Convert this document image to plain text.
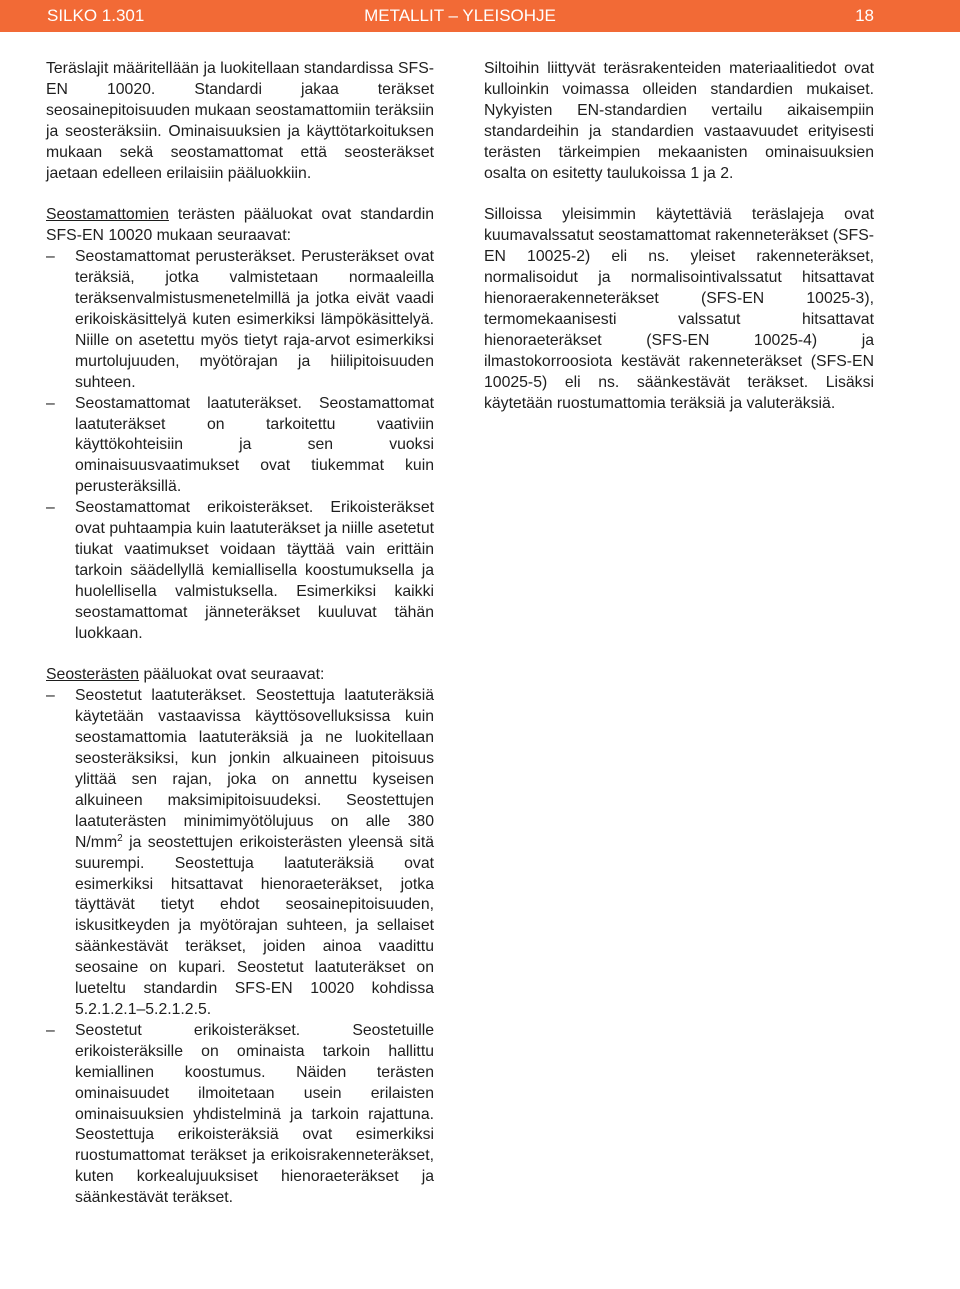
SILKO 1.301	METALLIT – YLEISOHJE	18

Teräslajit määritellään ja luokitellaan standardissa SFS-EN 10020. Standardi jakaa teräkset seosainepitoisuuden mukaan seostamattomiin teräksiin ja seosteräksiin. Ominaisuuksien ja käyttötarkoituksen mukaan sekä seostamattomat että seosteräkset jaetaan edelleen erilaisiin pääluokkiin.

Seostamattomien terästen pääluokat ovat standardin SFS-EN 10020 mukaan seuraavat:

– Seostamattomat perusteräkset. Perusteräkset ovat teräksiä, jotka valmistetaan normaaleilla teräksenvalmistusmenetelmillä ja jotka eivät vaadi erikoiskäsittelyä kuten esimerkiksi lämpökäsittelyä. Niille on asetettu myös tietyt raja-arvot esimerkiksi murtolujuuden, myötörajan ja hiilipitoisuuden suhteen.
– Seostamattomat laatuteräkset. Seostamattomat laatuteräkset on tarkoitettu vaativiin käyttökohteisiin ja sen vuoksi ominaisuusvaatimukset ovat tiukemmat kuin perusteräksillä.
– Seostamattomat erikoisteräkset. Erikoisteräkset ovat puhtaampia kuin laatuteräkset ja niille asetetut tiukat vaatimukset voidaan täyttää vain erittäin tarkoin säädellyllä kemiallisella koostumuksella ja huolellisella valmistuksella. Esimerkiksi kaikki seostamattomat jänneteräkset kuuluvat tähän luokkaan.

Seosterästen pääluokat ovat seuraavat:

– Seostetut laatuteräkset. Seostettuja laatuteräksiä käytetään vastaavissa käyttösovelluksissa kuin seostamattomia laatuteräksiä ja ne luokitellaan seosteräksiksi, kun jonkin alkuaineen pitoisuus ylittää sen rajan, joka on annettu kyseisen alkuineen maksimipitoisuudeksi. Seostettujen laatuterästen minimimyötölujuus on alle 380 $N/mm^2$ ja seostettujen erikoisterästen yleensä sitä suurempi. Seostettuja laatuteräksiä ovat esimerkiksi hitsattavat hienoraeteräkset, jotka täyttävät tietyt ehdot seosainepitoisuuden, iskusitkeyden ja myötörajan suhteen, ja sellaiset säänkestävät teräkset, joiden ainoa vaadittu seosaine on kupari. Seostetut laatuteräkset on lueteltu standardin SFS-EN 10020 kohdissa 5.2.1.2.1–5.2.1.2.5.
– Seostetut erikoisteräkset. Seostetuille erikoisteräksille on ominaista tarkoin hallittu kemiallinen koostumus. Näiden terästen ominaisuudet ilmoitetaan usein erilaisten ominaisuuksien yhdistelminä ja tarkoin rajattuna. Seostettuja erikoisteräksiä ovat esimerkiksi ruostumattomat teräkset ja erikoisrakenneteräkset, kuten korkealujuuksiset hienoraeteräkset ja säänkestävät teräkset.

Siltoihin liittyvät teräsrakenteiden materiaalitiedot ovat kulloinkin voimassa olleiden standardien mukaiset. Nykyisten EN-standardien vertailu aikaisempiin standardeihin ja standardien vastaavuudet erityisesti terästen tärkeimpien mekaanisten ominaisuuksien osalta on esitetty taulukoissa 1 ja 2.

Silloissa yleisimmin käytettäviä teräslajeja ovat kuumavalssatut seostamattomat rakenneteräkset (SFS-EN 10025-2) eli ns. yleiset rakenneteräkset, normalisoidut ja normalisointivalssatut hitsattavat hienoraerakenneteräkset (SFS-EN 10025-3), termomekaanisesti valssatut hitsattavat hienoraeteräkset (SFS-EN 10025-4) ja ilmastokorroosiota kestävät rakenneteräkset (SFS-EN 10025-5) eli ns. säänkestävät teräkset. Lisäksi käytetään ruostumattomia teräksiä ja valuteräksiä.
